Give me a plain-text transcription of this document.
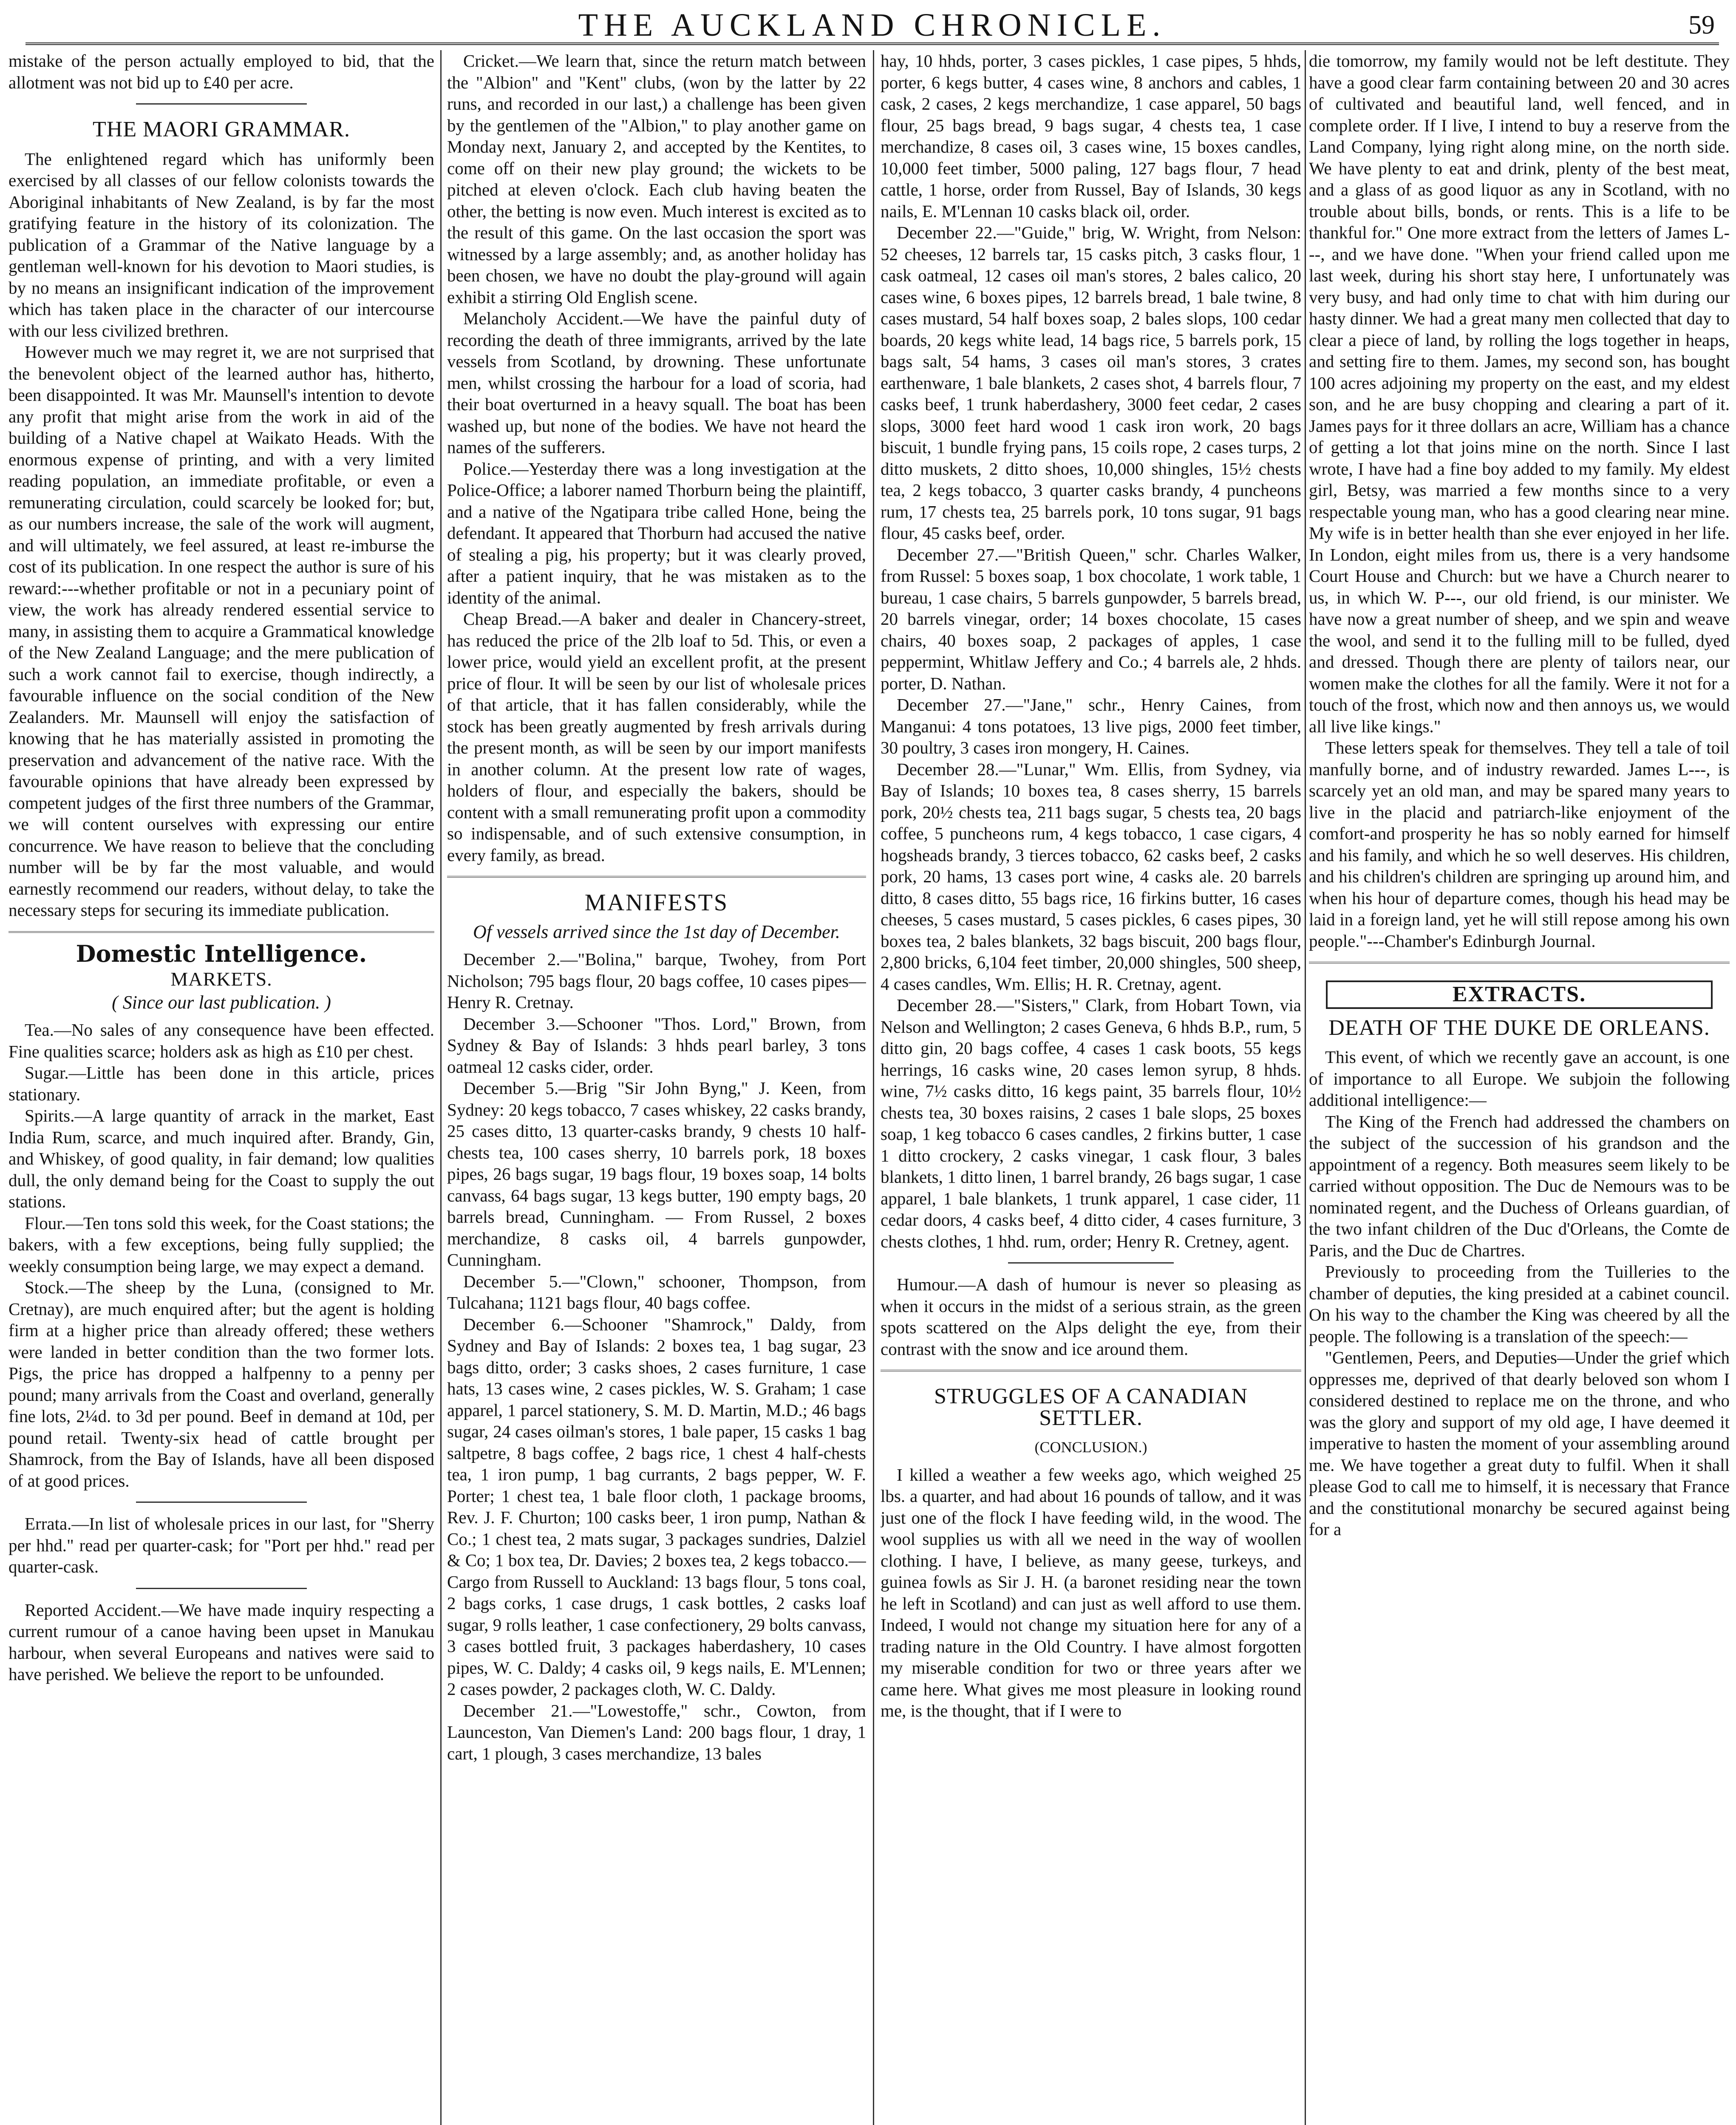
THE AUCKLAND CHRONICLE.	59

mistake of the person actually employed to bid, that the allotment was not bid up to £40 per acre.

THE MAORI GRAMMAR.

The enlightened regard which has uniformly been exercised by all classes of our fellow colonists towards the Aboriginal inhabitants of New Zealand, is by far the most gratifying feature in the history of its colonization. The publication of a Grammar of the Native language by a gentleman well-known for his devotion to Maori studies, is by no means an insignificant indication of the improvement which has taken place in the character of our intercourse with our less civilized brethren.

However much we may regret it, we are not surprised that the benevolent object of the learned author has, hitherto, been disappointed. It was Mr. Maunsell's intention to devote any profit that might arise from the work in aid of the building of a Native chapel at Waikato Heads. With the enormous expense of printing, and with a very limited reading population, an immediate profitable, or even a remunerating circulation, could scarcely be looked for; but, as our numbers increase, the sale of the work will augment, and will ultimately, we feel assured, at least re-imburse the cost of its publication. In one respect the author is sure of his reward:---whether profitable or not in a pecuniary point of view, the work has already rendered essential service to many, in assisting them to acquire a Grammatical knowledge of the New Zealand Language; and the mere publication of such a work cannot fail to exercise, though indirectly, a favourable influence on the social condition of the New Zealanders. Mr. Maunsell will enjoy the satisfaction of knowing that he has materially assisted in promoting the preservation and advancement of the native race. With the favourable opinions that have already been expressed by competent judges of the first three numbers of the Grammar, we will content ourselves with expressing our entire concurrence. We have reason to believe that the concluding number will be by far the most valuable, and would earnestly recommend our readers, without delay, to take the necessary steps for securing its immediate publication.

Domestic Intelligence.
MARKETS.
( Since our last publication. )

Tea.—No sales of any consequence have been effected. Fine qualities scarce; holders ask as high as £10 per chest.

Sugar.—Little has been done in this article, prices stationary.

Spirits.—A large quantity of arrack in the market, East India Rum, scarce, and much inquired after. Brandy, Gin, and Whiskey, of good quality, in fair demand; low qualities dull, the only demand being for the Coast to supply the out stations.

Flour.—Ten tons sold this week, for the Coast stations; the bakers, with a few exceptions, being fully supplied; the weekly consumption being large, we may expect a demand.

Stock.—The sheep by the Luna, (consigned to Mr. Cretnay), are much enquired after; but the agent is holding firm at a higher price than already offered; these wethers were landed in better condition than the two former lots. Pigs, the price has dropped a halfpenny to a penny per pound; many arrivals from the Coast and overland, generally fine lots, 2¼d. to 3d per pound. Beef in demand at 10d, per pound retail. Twenty-six head of cattle brought per Shamrock, from the Bay of Islands, have all been disposed of at good prices.

Errata.—In list of wholesale prices in our last, for "Sherry per hhd." read per quarter-cask; for "Port per hhd." read per quarter-cask.

Reported Accident.—We have made inquiry respecting a current rumour of a canoe having been upset in Manukau harbour, when several Europeans and natives were said to have perished. We believe the report to be unfounded.

Cricket.—We learn that, since the return match between the "Albion" and "Kent" clubs, (won by the latter by 22 runs, and recorded in our last,) a challenge has been given by the gentlemen of the "Albion," to play another game on Monday next, January 2, and accepted by the Kentites, to come off on their new play ground; the wickets to be pitched at eleven o'clock. Each club having beaten the other, the betting is now even. Much interest is excited as to the result of this game. On the last occasion the sport was witnessed by a large assembly; and, as another holiday has been chosen, we have no doubt the play-ground will again exhibit a stirring Old English scene.

Melancholy Accident.—We have the painful duty of recording the death of three immigrants, arrived by the late vessels from Scotland, by drowning. These unfortunate men, whilst crossing the harbour for a load of scoria, had their boat overturned in a heavy squall. The boat has been washed up, but none of the bodies. We have not heard the names of the sufferers.

Police.—Yesterday there was a long investigation at the Police-Office; a laborer named Thorburn being the plaintiff, and a native of the Ngatipara tribe called Hone, being the defendant. It appeared that Thorburn had accused the native of stealing a pig, his property; but it was clearly proved, after a patient inquiry, that he was mistaken as to the identity of the animal.

Cheap Bread.—A baker and dealer in Chancery-street, has reduced the price of the 2lb loaf to 5d. This, or even a lower price, would yield an excellent profit, at the present price of flour. It will be seen by our list of wholesale prices of that article, that it has fallen considerably, while the stock has been greatly augmented by fresh arrivals during the present month, as will be seen by our import manifests in another column. At the present low rate of wages, holders of flour, and especially the bakers, should be content with a small remunerating profit upon a commodity so indispensable, and of such extensive consumption, in every family, as bread.

MANIFESTS
Of vessels arrived since the 1st day of December.

December 2.—"Bolina," barque, Twohey, from Port Nicholson; 795 bags flour, 20 bags coffee, 10 cases pipes—Henry R. Cretnay.

December 3.—Schooner "Thos. Lord," Brown, from Sydney & Bay of Islands: 3 hhds pearl barley, 3 tons oatmeal 12 casks cider, order.

December 5.—Brig "Sir John Byng," J. Keen, from Sydney: 20 kegs tobacco, 7 cases whiskey, 22 casks brandy, 25 cases ditto, 13 quarter-casks brandy, 9 chests 10 half-chests tea, 100 cases sherry, 10 barrels pork, 18 boxes pipes, 26 bags sugar, 19 bags flour, 19 boxes soap, 14 bolts canvass, 64 bags sugar, 13 kegs butter, 190 empty bags, 20 barrels bread, Cunningham. — From Russel, 2 boxes merchandize, 8 casks oil, 4 barrels gunpowder, Cunningham.

December 5.—"Clown," schooner, Thompson, from Tulcahana; 1121 bags flour, 40 bags coffee.

December 6.—Schooner "Shamrock," Daldy, from Sydney and Bay of Islands: 2 boxes tea, 1 bag sugar, 23 bags ditto, order; 3 casks shoes, 2 cases furniture, 1 case hats, 13 cases wine, 2 cases pickles, W. S. Graham; 1 case apparel, 1 parcel stationery, S. M. D. Martin, M.D.; 46 bags sugar, 24 cases oilman's stores, 1 bale paper, 15 casks 1 bag saltpetre, 8 bags coffee, 2 bags rice, 1 chest 4 half-chests tea, 1 iron pump, 1 bag currants, 2 bags pepper, W. F. Porter; 1 chest tea, 1 bale floor cloth, 1 package brooms, Rev. J. F. Churton; 100 casks beer, 1 iron pump, Nathan & Co.; 1 chest tea, 2 mats sugar, 3 packages sundries, Dalziel & Co; 1 box tea, Dr. Davies; 2 boxes tea, 2 kegs tobacco.—Cargo from Russell to Auckland: 13 bags flour, 5 tons coal, 2 bags corks, 1 case drugs, 1 cask bottles, 2 casks loaf sugar, 9 rolls leather, 1 case confectionery, 29 bolts canvass, 3 cases bottled fruit, 3 packages haberdashery, 10 cases pipes, W. C. Daldy; 4 casks oil, 9 kegs nails, E. M'Lennen; 2 cases powder, 2 packages cloth, W. C. Daldy.

December 21.—"Lowestoffe," schr., Cowton, from Launceston, Van Diemen's Land: 200 bags flour, 1 dray, 1 cart, 1 plough, 3 cases merchandize, 13 bales

hay, 10 hhds, porter, 3 cases pickles, 1 case pipes, 5 hhds, porter, 6 kegs butter, 4 cases wine, 8 anchors and cables, 1 cask, 2 cases, 2 kegs merchandize, 1 case apparel, 50 bags flour, 25 bags bread, 9 bags sugar, 4 chests tea, 1 case merchandize, 8 cases oil, 3 cases wine, 15 boxes candles, 10,000 feet timber, 5000 paling, 127 bags flour, 7 head cattle, 1 horse, order from Russel, Bay of Islands, 30 kegs nails, E. M'Lennan 10 casks black oil, order.

December 22.—"Guide," brig, W. Wright, from Nelson: 52 cheeses, 12 barrels tar, 15 casks pitch, 3 casks flour, 1 cask oatmeal, 12 cases oil man's stores, 2 bales calico, 20 cases wine, 6 boxes pipes, 12 barrels bread, 1 bale twine, 8 cases mustard, 54 half boxes soap, 2 bales slops, 100 cedar boards, 20 kegs white lead, 14 bags rice, 5 barrels pork, 15 bags salt, 54 hams, 3 cases oil man's stores, 3 crates earthenware, 1 bale blankets, 2 cases shot, 4 barrels flour, 7 casks beef, 1 trunk haberdashery, 3000 feet cedar, 2 cases slops, 3000 feet hard wood 1 cask iron work, 20 bags biscuit, 1 bundle frying pans, 15 coils rope, 2 cases turps, 2 ditto muskets, 2 ditto shoes, 10,000 shingles, 15½ chests tea, 2 kegs tobacco, 3 quarter casks brandy, 4 puncheons rum, 17 chests tea, 25 barrels pork, 10 tons sugar, 91 bags flour, 45 casks beef, order.

December 27.—"British Queen," schr. Charles Walker, from Russel: 5 boxes soap, 1 box chocolate, 1 work table, 1 bureau, 1 case chairs, 5 barrels gunpowder, 5 barrels bread, 20 barrels vinegar, order; 14 boxes chocolate, 15 cases chairs, 40 boxes soap, 2 packages of apples, 1 case peppermint, Whitlaw Jeffery and Co.; 4 barrels ale, 2 hhds. porter, D. Nathan.

December 27.—"Jane," schr., Henry Caines, from Manganui: 4 tons potatoes, 13 live pigs, 2000 feet timber, 30 poultry, 3 cases iron mongery, H. Caines.

December 28.—"Lunar," Wm. Ellis, from Sydney, via Bay of Islands; 10 boxes tea, 8 cases sherry, 15 barrels pork, 20½ chests tea, 211 bags sugar, 5 chests tea, 20 bags coffee, 5 puncheons rum, 4 kegs tobacco, 1 case cigars, 4 hogsheads brandy, 3 tierces tobacco, 62 casks beef, 2 casks pork, 20 hams, 13 cases port wine, 4 casks ale. 20 barrels ditto, 8 cases ditto, 55 bags rice, 16 firkins butter, 16 cases cheeses, 5 cases mustard, 5 cases pickles, 6 cases pipes, 30 boxes tea, 2 bales blankets, 32 bags biscuit, 200 bags flour, 2,800 bricks, 6,104 feet timber, 20,000 shingles, 500 sheep, 4 cases candles, Wm. Ellis; H. R. Cretnay, agent.

December 28.—"Sisters," Clark, from Hobart Town, via Nelson and Wellington; 2 cases Geneva, 6 hhds B.P., rum, 5 ditto gin, 20 bags coffee, 4 cases 1 cask boots, 55 kegs herrings, 16 casks wine, 20 cases lemon syrup, 8 hhds. wine, 7½ casks ditto, 16 kegs paint, 35 barrels flour, 10½ chests tea, 30 boxes raisins, 2 cases 1 bale slops, 25 boxes soap, 1 keg tobacco 6 cases candles, 2 firkins butter, 1 case 1 ditto crockery, 2 casks vinegar, 1 cask flour, 3 bales blankets, 1 ditto linen, 1 barrel brandy, 26 bags sugar, 1 case apparel, 1 bale blankets, 1 trunk apparel, 1 case cider, 11 cedar doors, 4 casks beef, 4 ditto cider, 4 cases furniture, 3 chests clothes, 1 hhd. rum, order; Henry R. Cretney, agent.

Humour.—A dash of humour is never so pleasing as when it occurs in the midst of a serious strain, as the green spots scattered on the Alps delight the eye, from their contrast with the snow and ice around them.

STRUGGLES OF A CANADIAN SETTLER.
(CONCLUSION.)

I killed a weather a few weeks ago, which weighed 25 lbs. a quarter, and had about 16 pounds of tallow, and it was just one of the flock I have feeding wild, in the wood. The wool supplies us with all we need in the way of woollen clothing. I have, I believe, as many geese, turkeys, and guinea fowls as Sir J. H. (a baronet residing near the town he left in Scotland) and can just as well afford to use them. Indeed, I would not change my situation here for any of a trading nature in the Old Country. I have almost forgotten my miserable condition for two or three years after we came here. What gives me most pleasure in looking round me, is the thought, that if I were to

die tomorrow, my family would not be left destitute. They have a good clear farm containing between 20 and 30 acres of cultivated and beautiful land, well fenced, and in complete order. If I live, I intend to buy a reserve from the Land Company, lying right along mine, on the north side. We have plenty to eat and drink, plenty of the best meat, and a glass of as good liquor as any in Scotland, with no trouble about bills, bonds, or rents. This is a life to be thankful for." One more extract from the letters of James L---, and we have done. "When your friend called upon me last week, during his short stay here, I unfortunately was very busy, and had only time to chat with him during our hasty dinner. We had a great many men collected that day to clear a piece of land, by rolling the logs together in heaps, and setting fire to them. James, my second son, has bought 100 acres adjoining my property on the east, and my eldest son, and he are busy chopping and clearing a part of it. James pays for it three dollars an acre, William has a chance of getting a lot that joins mine on the north. Since I last wrote, I have had a fine boy added to my family. My eldest girl, Betsy, was married a few months since to a very respectable young man, who has a good clearing near mine. My wife is in better health than she ever enjoyed in her life. In London, eight miles from us, there is a very handsome Court House and Church: but we have a Church nearer to us, in which W. P---, our old friend, is our minister. We have now a great number of sheep, and we spin and weave the wool, and send it to the fulling mill to be fulled, dyed and dressed. Though there are plenty of tailors near, our women make the clothes for all the family. Were it not for a touch of the frost, which now and then annoys us, we would all live like kings."

These letters speak for themselves. They tell a tale of toil manfully borne, and of industry rewarded. James L---, is scarcely yet an old man, and may be spared many years to live in the placid and patriarch-like enjoyment of the comfort-and prosperity he has so nobly earned for himself and his family, and which he so well deserves. His children, and his children's children are springing up around him, and when his hour of departure comes, though his head may be laid in a foreign land, yet he will still repose among his own people."---Chamber's Edinburgh Journal.

EXTRACTS.
DEATH OF THE DUKE DE ORLEANS.

This event, of which we recently gave an account, is one of importance to all Europe. We subjoin the following additional intelligence:—

The King of the French had addressed the chambers on the subject of the succession of his grandson and the appointment of a regency. Both measures seem likely to be carried without opposition. The Duc de Nemours was to be nominated regent, and the Duchess of Orleans guardian, of the two infant children of the Duc d'Orleans, the Comte de Paris, and the Duc de Chartres.

Previously to proceeding from the Tuilleries to the chamber of deputies, the king presided at a cabinet council. On his way to the chamber the King was cheered by all the people. The following is a translation of the speech:—

"Gentlemen, Peers, and Deputies—Under the grief which oppresses me, deprived of that dearly beloved son whom I considered destined to replace me on the throne, and who was the glory and support of my old age, I have deemed it imperative to hasten the moment of your assembling around me. We have together a great duty to fulfil. When it shall please God to call me to himself, it is necessary that France and the constitutional monarchy be secured against being for a
